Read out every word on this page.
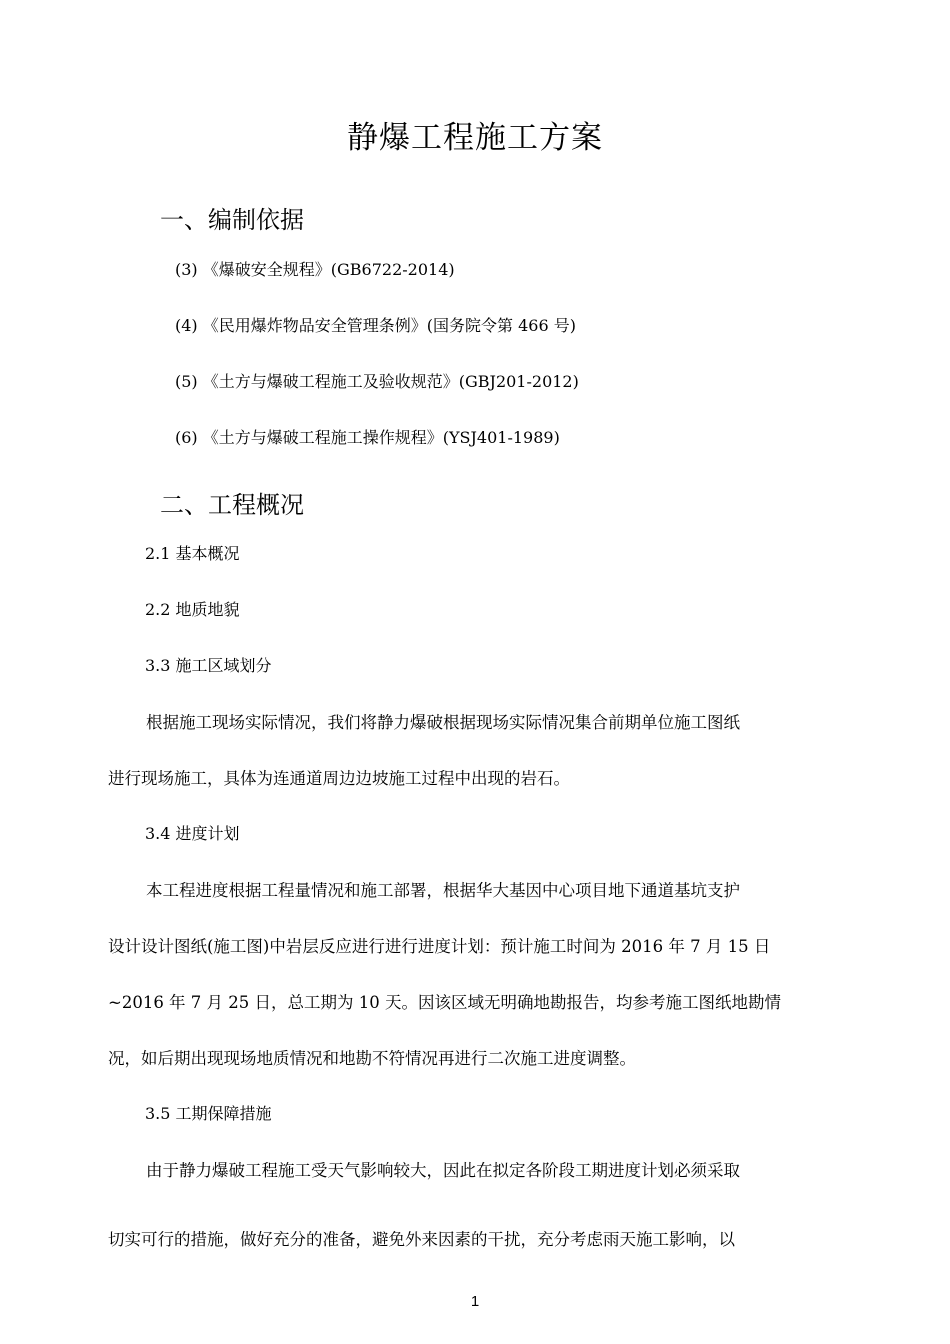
静爆工程施工方案
一、编制依据
(3) 《爆破安全规程》(GB6722-2014)
(4) 《民用爆炸物品安全管理条例》(国务院令第 466 号)
(5) 《土方与爆破工程施工及验收规范》(GBJ201-2012)
(6) 《土方与爆破工程施工操作规程》(YSJ401-1989)
二、工程概况
2.1 基本概况
2.2 地质地貌
3.3 施工区域划分
根据施工现场实际情况，我们将静力爆破根据现场实际情况集合前期单位施工图纸
进行现场施工，具体为连通道周边边坡施工过程中出现的岩石。
3.4 进度计划
本工程进度根据工程量情况和施工部署，根据华大基因中心项目地下通道基坑支护
设计设计图纸(施工图)中岩层反应进行进行进度计划：预计施工时间为 2016 年 7 月 15 日
~2016 年 7 月 25 日，总工期为 10 天。因该区域无明确地勘报告，均参考施工图纸地勘情
况，如后期出现现场地质情况和地勘不符情况再进行二次施工进度调整。
3.5 工期保障措施
由于静力爆破工程施工受天气影响较大，因此在拟定各阶段工期进度计划必须采取
切实可行的措施，做好充分的准备，避免外来因素的干扰，充分考虑雨天施工影响，以
1
